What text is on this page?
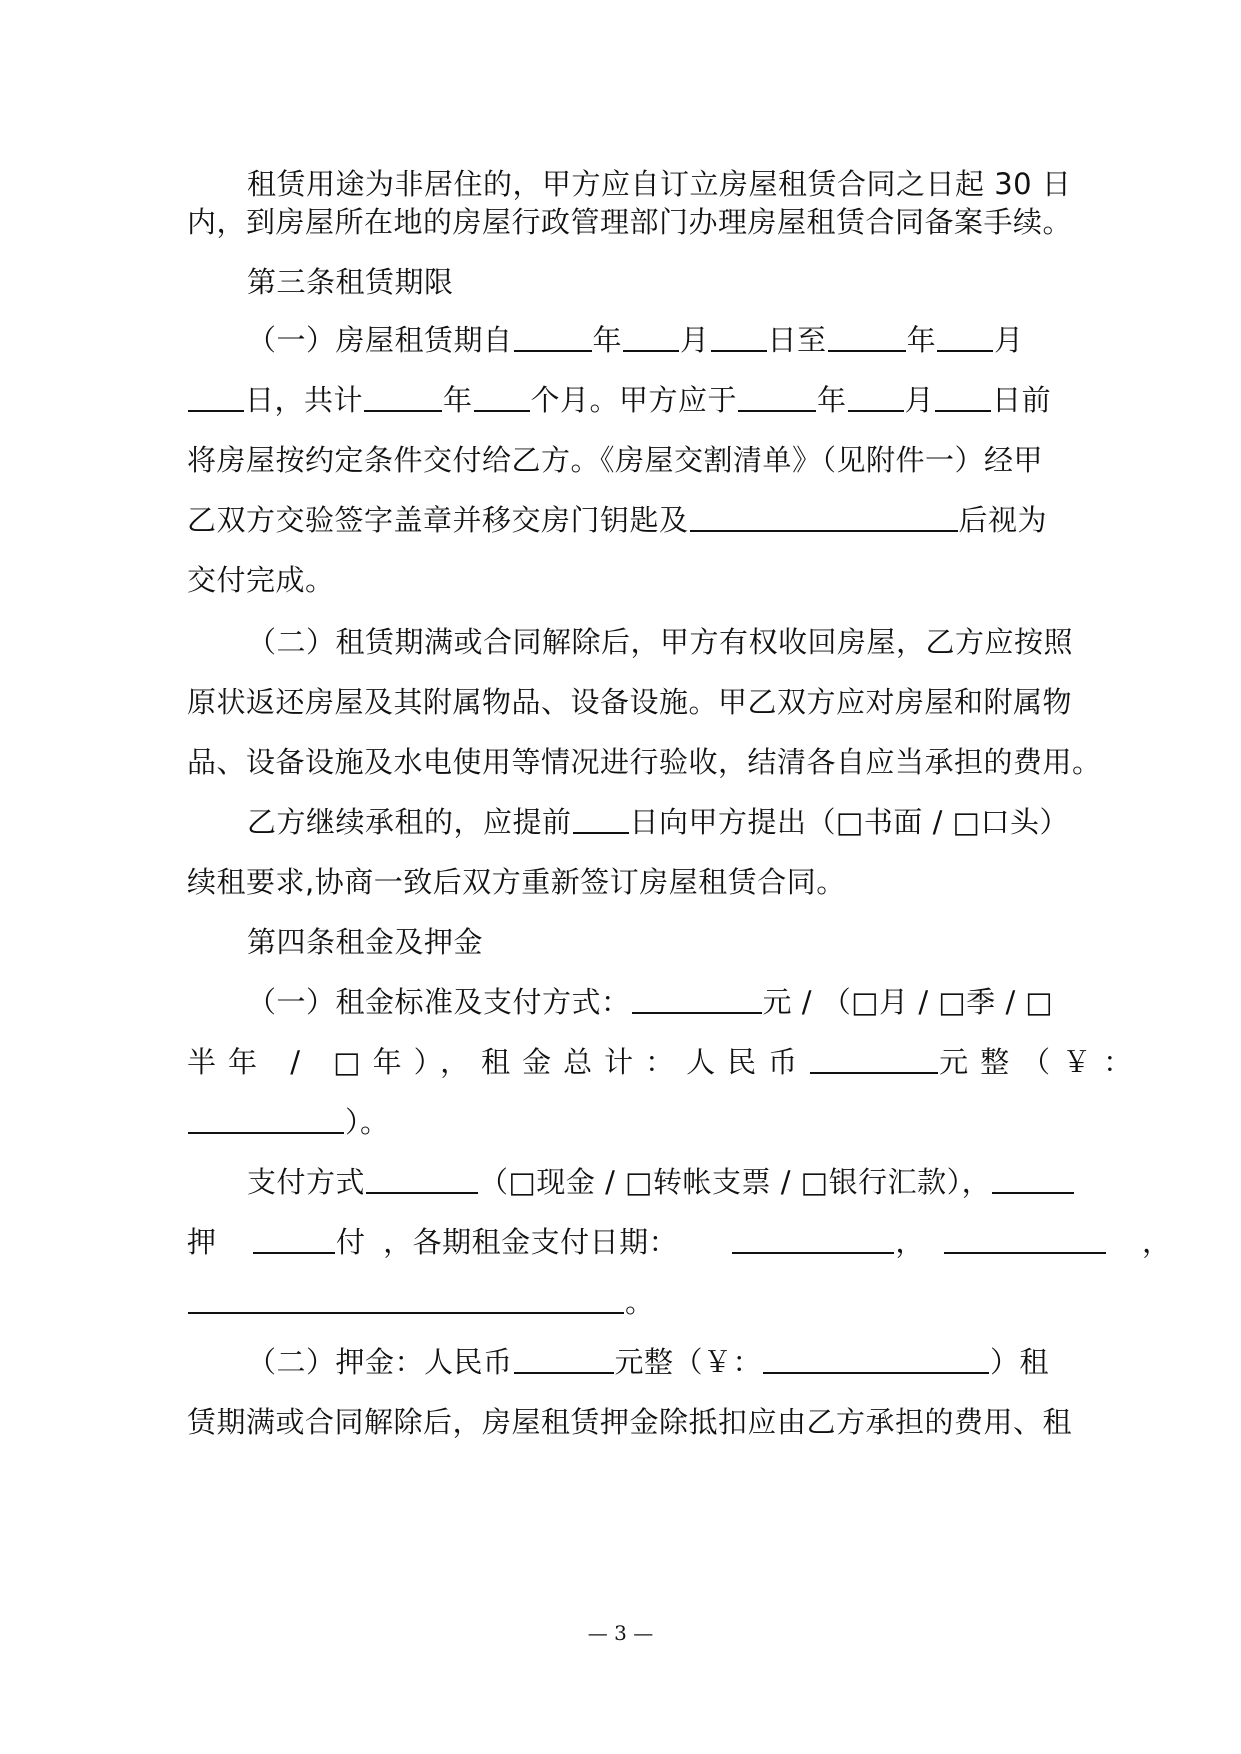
租赁用途为非居住的，甲方应自订立房屋租赁合同之日起 30 日
内，到房屋所在地的房屋行政管理部门办理房屋租赁合同备案手续。
第三条租赁期限
（一）房屋租赁期自	年 月 日至	年 月
日，共计	年 个月。甲方应于	年 月 日前
将房屋按约定条件交付给乙方。《房屋交割清单》（见附件一）经甲
乙双方交验签字盖章并移交房门钥匙及	后视为
交付完成。
（二）租赁期满或合同解除后，甲方有权收回房屋，乙方应按照
原状返还房屋及其附属物品、设备设施。甲乙双方应对房屋和附属物
品、设备设施及水电使用等情况进行验收，结清各自应当承担的费用。
乙方继续承租的，应提前 日向甲方提出（□书面 / □口头）
续租要求,协商一致后双方重新签订房屋租赁合同。
第四条租金及押金
（一）租金标准及支付方式：	元 / （□月 / □季 / □
半年 / □年），租金总计：人民币	元整（￥：
）。
支付方式	（□现金 / □转帐支票 / □银行汇款），
押	付 ，各期租金支付日期：	，	，
。
（二）押金：人民币	元整（￥：	）租
赁期满或合同解除后，房屋租赁押金除抵扣应由乙方承担的费用、租
— 3 —
